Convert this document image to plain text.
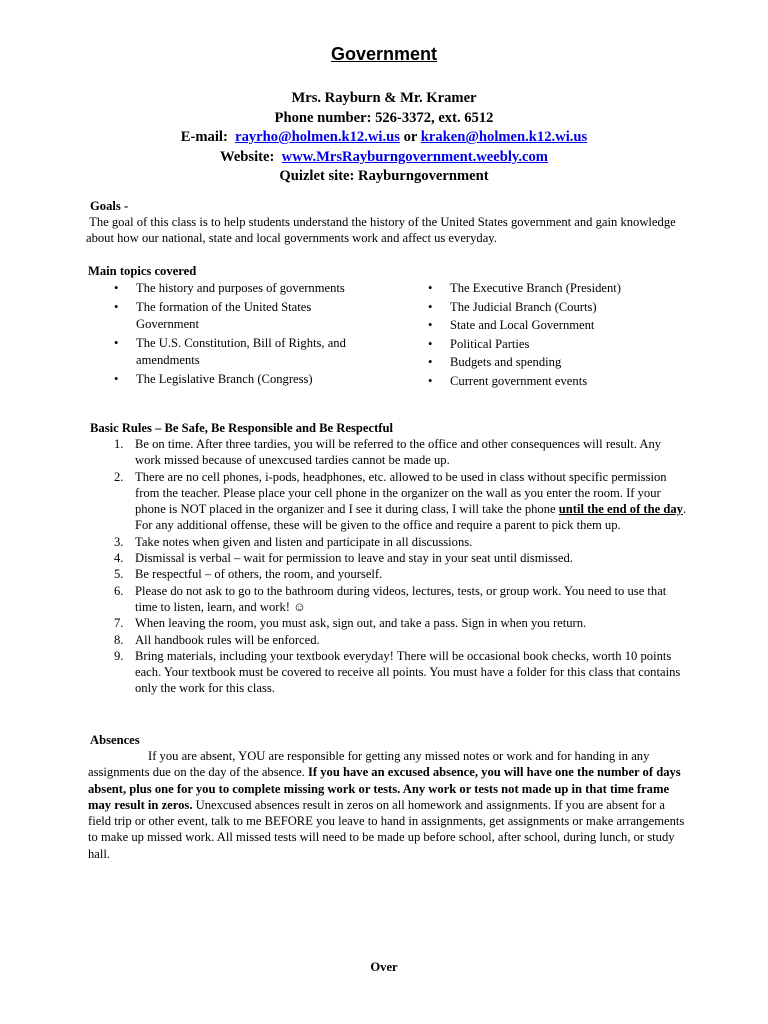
Government
Mrs. Rayburn & Mr. Kramer
Phone number: 526-3372, ext. 6512
E-mail: rayrho@holmen.k12.wi.us or kraken@holmen.k12.wi.us
Website: www.MrsRayburngovernment.weebly.com
Quizlet site: Rayburngovernment
Goals -
The goal of this class is to help students understand the history of the United States government and gain knowledge about how our national, state and local governments work and affect us everyday.
Main topics covered
• The history and purposes of governments
• The formation of the United States Government
• The U.S. Constitution, Bill of Rights, and amendments
• The Legislative Branch (Congress)
• The Executive Branch (President)
• The Judicial Branch (Courts)
• State and Local Government
• Political Parties
• Budgets and spending
• Current government events
Basic Rules – Be Safe, Be Responsible and Be Respectful
1. Be on time. After three tardies, you will be referred to the office and other consequences will result. Any work missed because of unexcused tardies cannot be made up.
2. There are no cell phones, i-pods, headphones, etc. allowed to be used in class without specific permission from the teacher. Please place your cell phone in the organizer on the wall as you enter the room. If your phone is NOT placed in the organizer and I see it during class, I will take the phone until the end of the day. For any additional offense, these will be given to the office and require a parent to pick them up.
3. Take notes when given and listen and participate in all discussions.
4. Dismissal is verbal – wait for permission to leave and stay in your seat until dismissed.
5. Be respectful – of others, the room, and yourself.
6. Please do not ask to go to the bathroom during videos, lectures, tests, or group work. You need to use that time to listen, learn, and work! ☺
7. When leaving the room, you must ask, sign out, and take a pass. Sign in when you return.
8. All handbook rules will be enforced.
9. Bring materials, including your textbook everyday! There will be occasional book checks, worth 10 points each. Your textbook must be covered to receive all points. You must have a folder for this class that contains only the work for this class.
Absences
If you are absent, YOU are responsible for getting any missed notes or work and for handing in any assignments due on the day of the absence. If you have an excused absence, you will have one the number of days absent, plus one for you to complete missing work or tests. Any work or tests not made up in that time frame may result in zeros. Unexcused absences result in zeros on all homework and assignments. If you are absent for a field trip or other event, talk to me BEFORE you leave to hand in assignments, get assignments or make arrangements to make up missed work. All missed tests will need to be made up before school, after school, during lunch, or study hall.
Over
